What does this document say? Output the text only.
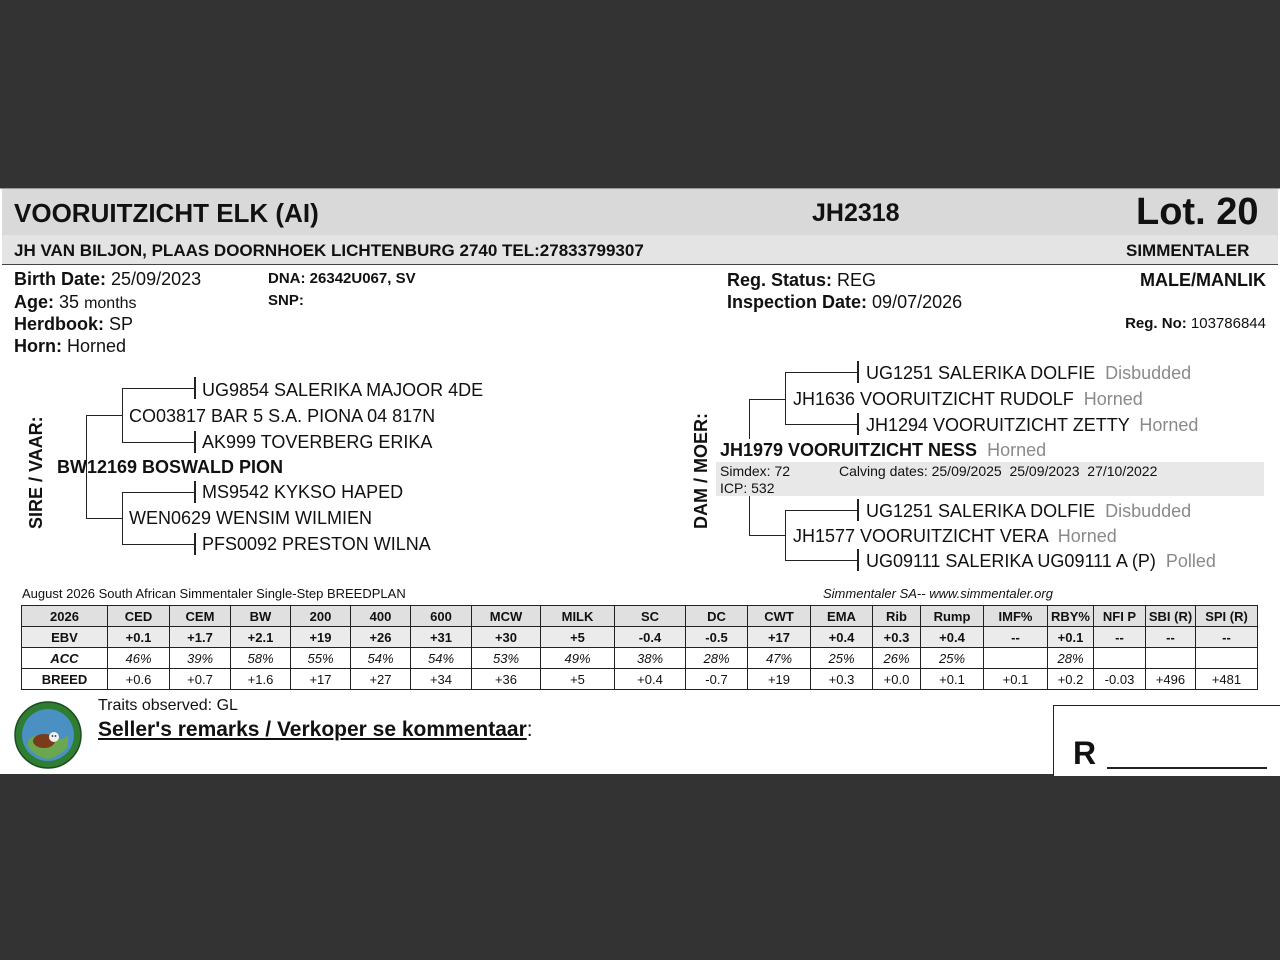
VOORUITZICHT ELK (AI)	JH2318	Lot. 20
JH VAN BILJON, PLAAS DOORNHOEK LICHTENBURG 2740 TEL:27833799307	SIMMENTALER
Birth Date: 25/09/2023
Age: 35 months
Herdbook: SP
Horn: Horned
DNA: 26342U067, SV
SNP:
Reg. Status: REG
Inspection Date: 09/07/2026
MALE/MANLIK
Reg. No: 103786844
SIRE / VAAR:
UG9854 SALERIKA MAJOOR 4DE
CO03817 BAR 5 S.A. PIONA 04 817N
AK999 TOVERBERG ERIKA
BW12169 BOSWALD PION
MS9542 KYKSO HAPED
WEN0629 WENSIM WILMIEN
PFS0092 PRESTON WILNA
DAM / MOER:
UG1251 SALERIKA DOLFIE Disbudded
JH1636 VOORUITZICHT RUDOLF Horned
JH1294 VOORUITZICHT ZETTY Horned
JH1979 VOORUITZICHT NESS Horned
Simdex: 72
ICP: 532
Calving dates: 25/09/2025  25/09/2023  27/10/2022
UG1251 SALERIKA DOLFIE Disbudded
JH1577 VOORUITZICHT VERA Horned
UG09111 SALERIKA UG09111 A (P) Polled
August 2026 South African Simmentaler Single-Step BREEDPLAN	Simmentaler SA-- www.simmentaler.org
2026	CED	CEM	BW	200	400	600	MCW	MILK	SC	DC	CWT	EMA	Rib	Rump	IMF%	RBY%	NFI P	SBI (R)	SPI (R)
EBV	+0.1	+1.7	+2.1	+19	+26	+31	+30	+5	-0.4	-0.5	+17	+0.4	+0.3	+0.4	--	+0.1	--	--	--
ACC	46%	39%	58%	55%	54%	54%	53%	49%	38%	28%	47%	25%	26%	25%		28%			
BREED	+0.6	+0.7	+1.6	+17	+27	+34	+36	+5	+0.4	-0.7	+19	+0.3	+0.0	+0.1	+0.1	+0.2	-0.03	+496	+481
Traits observed: GL
Seller's remarks / Verkoper se kommentaar:
R
